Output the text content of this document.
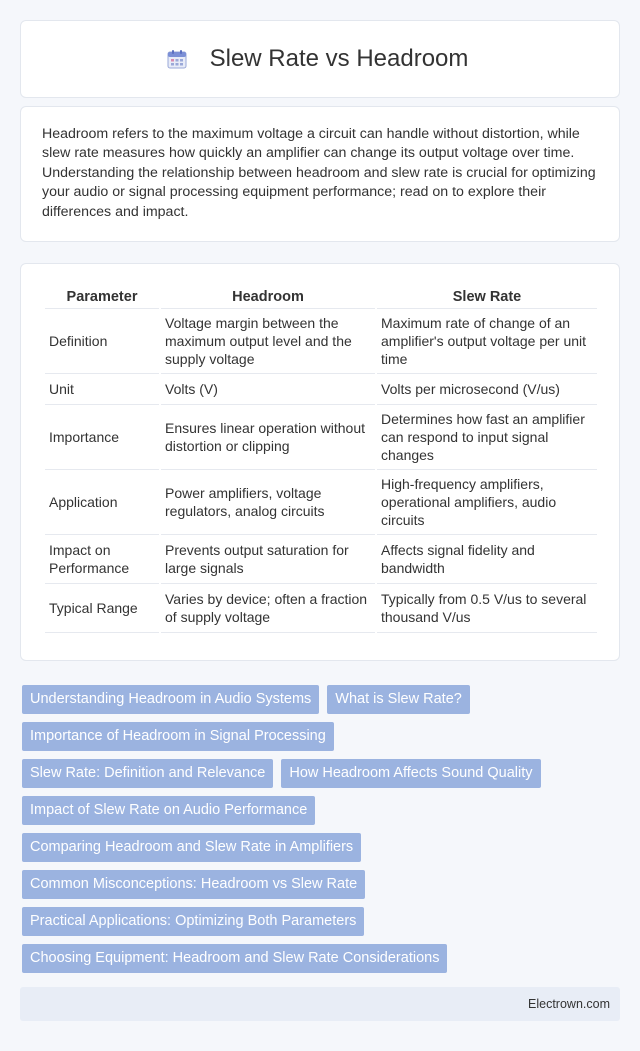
Slew Rate vs Headroom

Headroom refers to the maximum voltage a circuit can handle without distortion, while slew rate measures how quickly an amplifier can change its output voltage over time. Understanding the relationship between headroom and slew rate is crucial for optimizing your audio or signal processing equipment performance; read on to explore their differences and impact.

Parameter	Headroom	Slew Rate
Definition	Voltage margin between the maximum output level and the supply voltage	Maximum rate of change of an amplifier's output voltage per unit time
Unit	Volts (V)	Volts per microsecond (V/us)
Importance	Ensures linear operation without distortion or clipping	Determines how fast an amplifier can respond to input signal changes
Application	Power amplifiers, voltage regulators, analog circuits	High-frequency amplifiers, operational amplifiers, audio circuits
Impact on Performance	Prevents output saturation for large signals	Affects signal fidelity and bandwidth
Typical Range	Varies by device; often a fraction of supply voltage	Typically from 0.5 V/us to several thousand V/us
Understanding Headroom in Audio Systems	What is Slew Rate?
Importance of Headroom in Signal Processing
Slew Rate: Definition and Relevance	How Headroom Affects Sound Quality
Impact of Slew Rate on Audio Performance
Comparing Headroom and Slew Rate in Amplifiers
Common Misconceptions: Headroom vs Slew Rate
Practical Applications: Optimizing Both Parameters
Choosing Equipment: Headroom and Slew Rate Considerations
Electrown.com
